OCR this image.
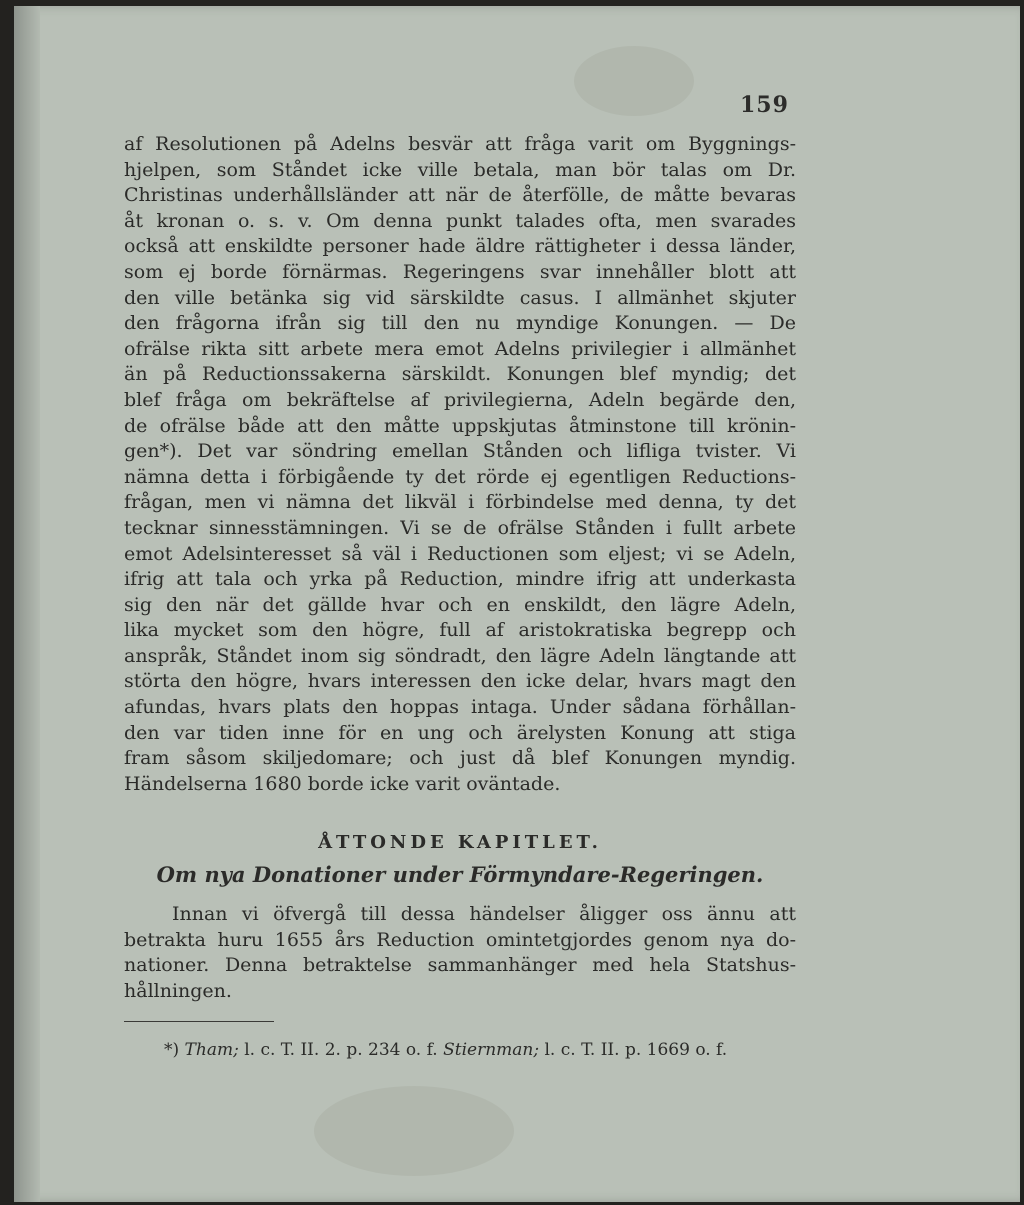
159
af Resolutionen på Adelns besvär att fråga varit om Byggnings-
hjelpen, som Ståndet icke ville betala, man bör talas om Dr.
Christinas underhållsländer att när de återfölle, de måtte bevaras
åt kronan o. s. v. Om denna punkt talades ofta, men svarades
också att enskildte personer hade äldre rättigheter i dessa länder,
som ej borde förnärmas. Regeringens svar innehåller blott att
den ville betänka sig vid särskildte casus. I allmänhet skjuter
den frågorna ifrån sig till den nu myndige Konungen. — De
ofrälse rikta sitt arbete mera emot Adelns privilegier i allmänhet
än på Reductionssakerna särskildt. Konungen blef myndig; det
blef fråga om bekräftelse af privilegierna, Adeln begärde den,
de ofrälse både att den måtte uppskjutas åtminstone till krönin-
gen*). Det var söndring emellan Stånden och lifliga tvister. Vi
nämna detta i förbigående ty det rörde ej egentligen Reductions-
frågan, men vi nämna det likväl i förbindelse med denna, ty det
tecknar sinnesstämningen. Vi se de ofrälse Stånden i fullt arbete
emot Adelsinteresset så väl i Reductionen som eljest; vi se Adeln,
ifrig att tala och yrka på Reduction, mindre ifrig att underkasta
sig den när det gällde hvar och en enskildt, den lägre Adeln,
lika mycket som den högre, full af aristokratiska begrepp och
anspråk, Ståndet inom sig söndradt, den lägre Adeln längtande att
störta den högre, hvars interessen den icke delar, hvars magt den
afundas, hvars plats den hoppas intaga. Under sådana förhållan-
den var tiden inne för en ung och ärelysten Konung att stiga
fram såsom skiljedomare; och just då blef Konungen myndig.
Händelserna 1680 borde icke varit oväntade.
ÅTTONDE KAPITLET.
Om nya Donationer under Förmyndare-Regeringen.
Innan vi öfvergå till dessa händelser åligger oss ännu att
betrakta huru 1655 års Reduction omintetgjordes genom nya do-
nationer. Denna betraktelse sammanhänger med hela Statshus-
hållningen.
*) Tham; l. c. T. II. 2. p. 234 o. f. Stiernman; l. c. T. II. p. 1669 o. f.
